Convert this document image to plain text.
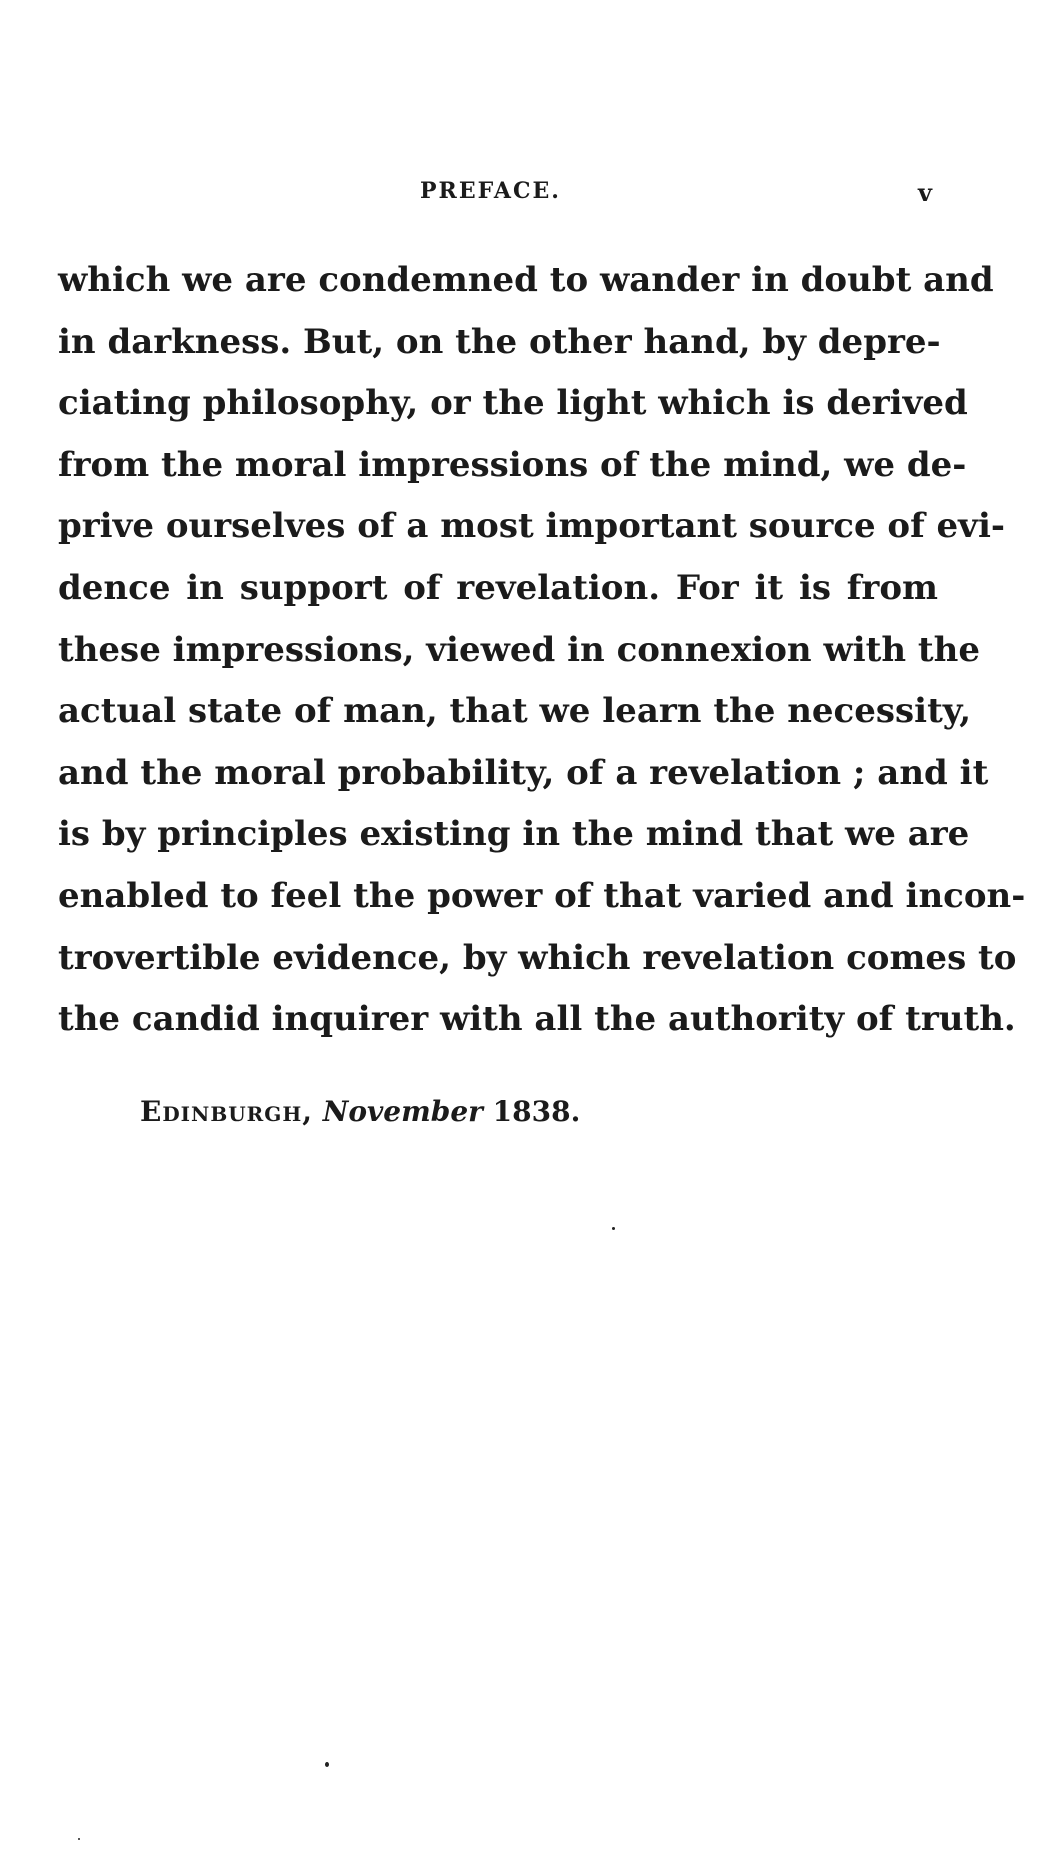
PREFACE.	v
which we are condemned to wander in doubt and
in darkness. But, on the other hand, by depre-
ciating philosophy, or the light which is derived
from the moral impressions of the mind, we de-
prive ourselves of a most important source of evi-
dence in support of revelation. For it is from
these impressions, viewed in connexion with the
actual state of man, that we learn the necessity,
and the moral probability, of a revelation ; and it
is by principles existing in the mind that we are
enabled to feel the power of that varied and incon-
trovertible evidence, by which revelation comes to
the candid inquirer with all the authority of truth.
Edinburgh, November 1838.
